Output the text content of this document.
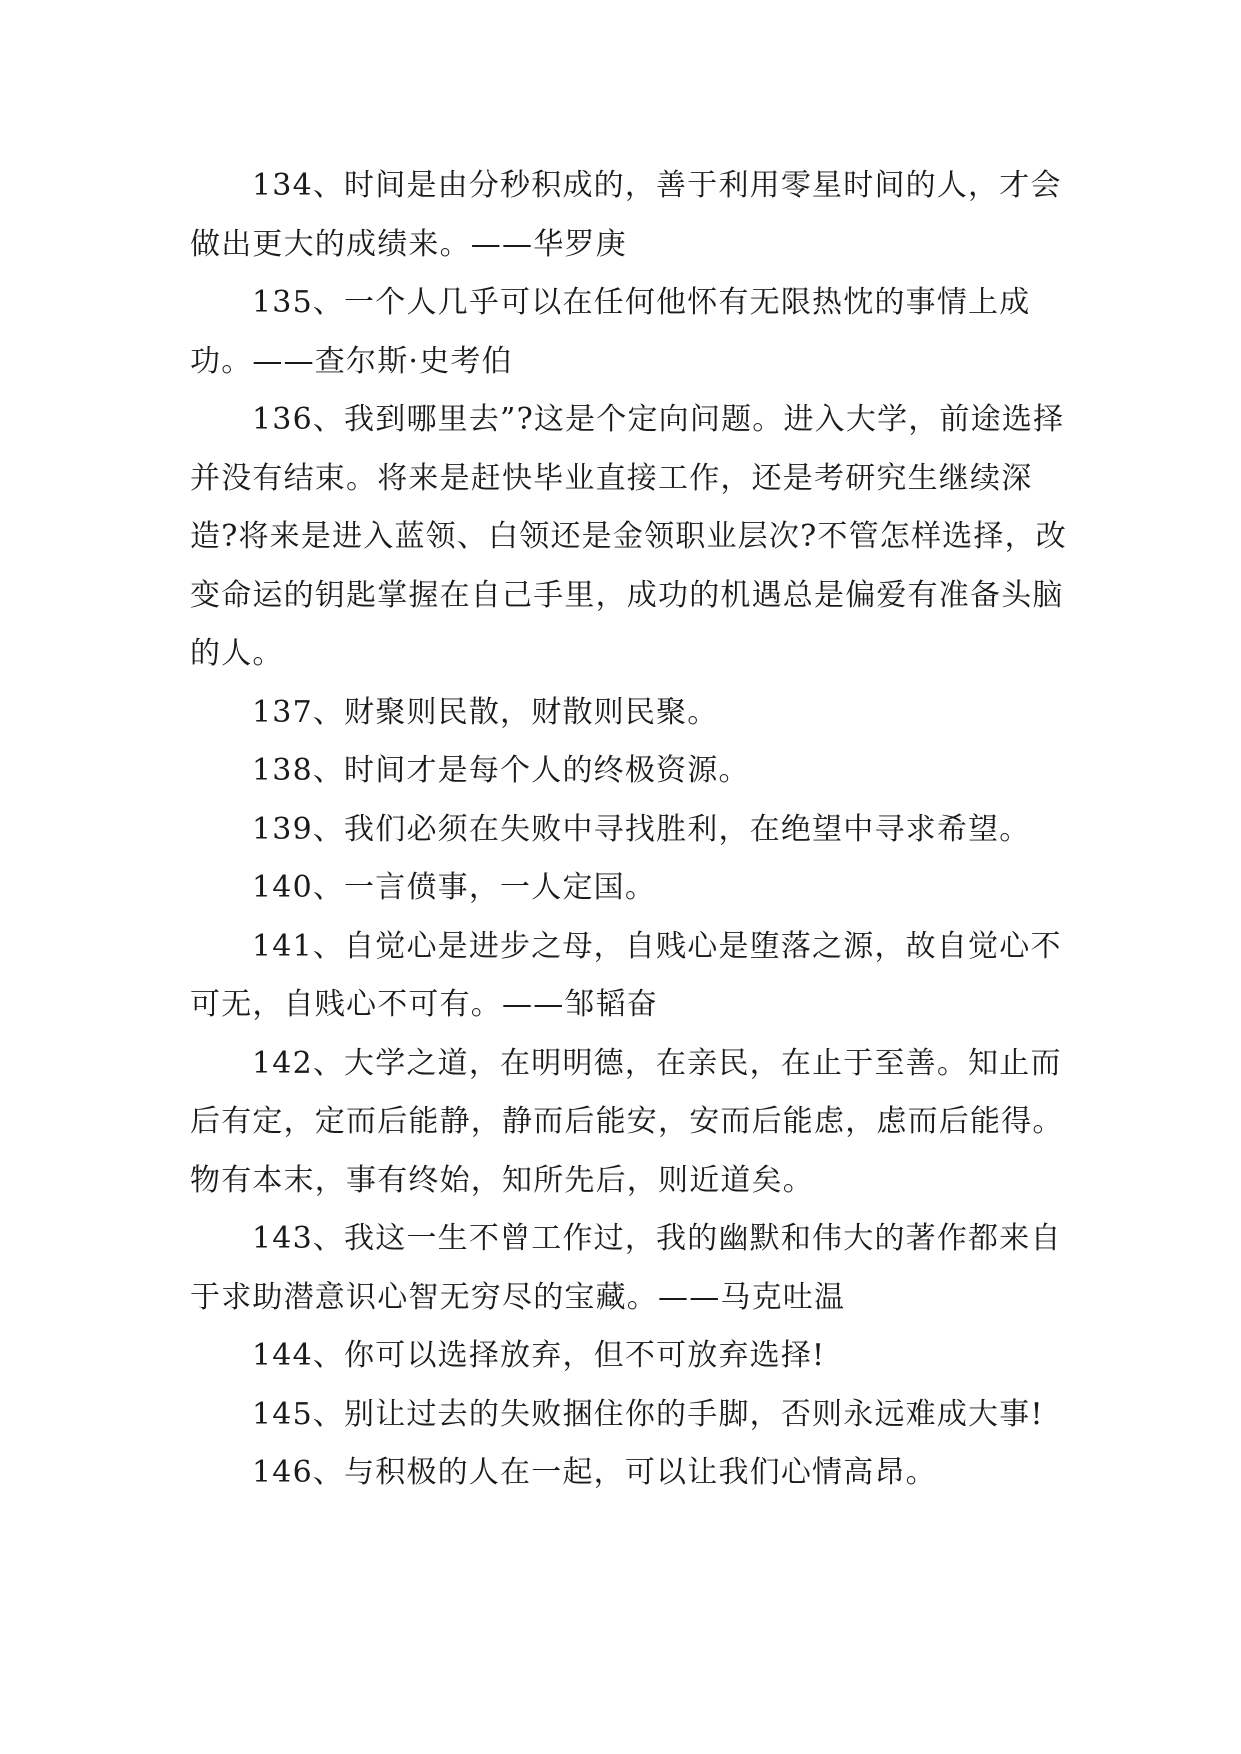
134、时间是由分秒积成的，善于利用零星时间的人，才会做出更大的成绩来。——华罗庚

135、一个人几乎可以在任何他怀有无限热忱的事情上成功。——查尔斯·史考伯

136、我到哪里去”?这是个定向问题。进入大学，前途选择并没有结束。将来是赶快毕业直接工作，还是考研究生继续深造?将来是进入蓝领、白领还是金领职业层次?不管怎样选择，改变命运的钥匙掌握在自己手里，成功的机遇总是偏爱有准备头脑的人。

137、财聚则民散，财散则民聚。

138、时间才是每个人的终极资源。

139、我们必须在失败中寻找胜利，在绝望中寻求希望。

140、一言偾事，一人定国。

141、自觉心是进步之母，自贱心是堕落之源，故自觉心不可无，自贱心不可有。——邹韬奋

142、大学之道，在明明德，在亲民，在止于至善。知止而后有定，定而后能静，静而后能安，安而后能虑，虑而后能得。物有本末，事有终始，知所先后，则近道矣。

143、我这一生不曾工作过，我的幽默和伟大的著作都来自于求助潜意识心智无穷尽的宝藏。——马克吐温

144、你可以选择放弃，但不可放弃选择!

145、别让过去的失败捆住你的手脚，否则永远难成大事!

146、与积极的人在一起，可以让我们心情高昂。
